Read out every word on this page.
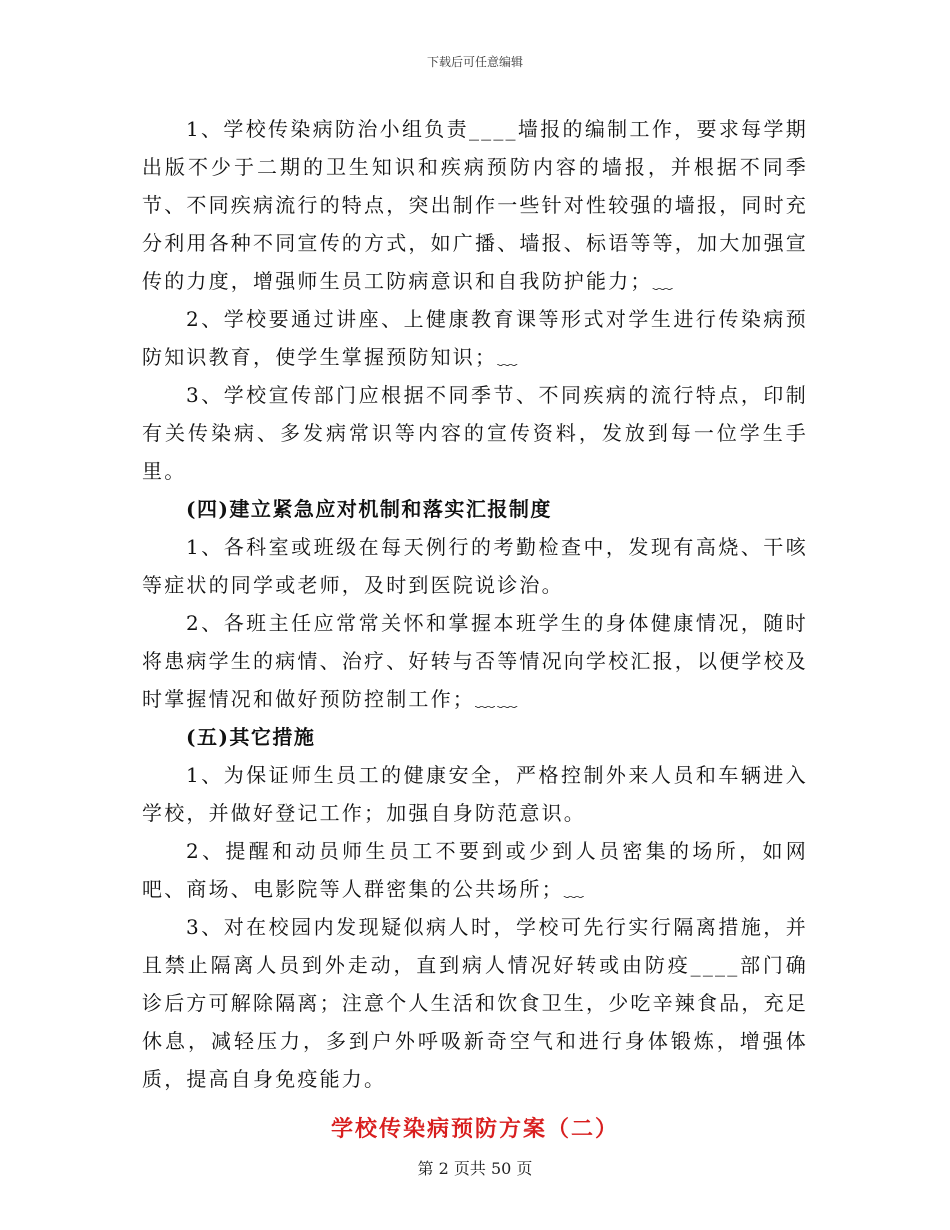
下载后可任意编辑

1、学校传染病防治小组负责____墙报的编制工作，要求每学期出版不少于二期的卫生知识和疾病预防内容的墙报，并根据不同季节、不同疾病流行的特点，突出制作一些针对性较强的墙报，同时充分利用各种不同宣传的方式，如广播、墙报、标语等等，加大加强宣传的力度，增强师生员工防病意识和自我防护能力；﹏

2、学校要通过讲座、上健康教育课等形式对学生进行传染病预防知识教育，使学生掌握预防知识；﹏

3、学校宣传部门应根据不同季节、不同疾病的流行特点，印制有关传染病、多发病常识等内容的宣传资料，发放到每一位学生手里。

(四)建立紧急应对机制和落实汇报制度

1、各科室或班级在每天例行的考勤检查中，发现有高烧、干咳等症状的同学或老师，及时到医院说诊治。

2、各班主任应常常关怀和掌握本班学生的身体健康情况，随时将患病学生的病情、治疗、好转与否等情况向学校汇报，以便学校及时掌握情况和做好预防控制工作；﹏﹏

(五)其它措施

1、为保证师生员工的健康安全，严格控制外来人员和车辆进入学校，并做好登记工作；加强自身防范意识。

2、提醒和动员师生员工不要到或少到人员密集的场所，如网吧、商场、电影院等人群密集的公共场所；﹏

3、对在校园内发现疑似病人时，学校可先行实行隔离措施，并且禁止隔离人员到外走动，直到病人情况好转或由防疫____部门确诊后方可解除隔离；注意个人生活和饮食卫生，少吃辛辣食品，充足休息，减轻压力，多到户外呼吸新奇空气和进行身体锻炼，增强体质，提高自身免疫能力。

学校传染病预防方案（二）

第 2 页共 50 页
